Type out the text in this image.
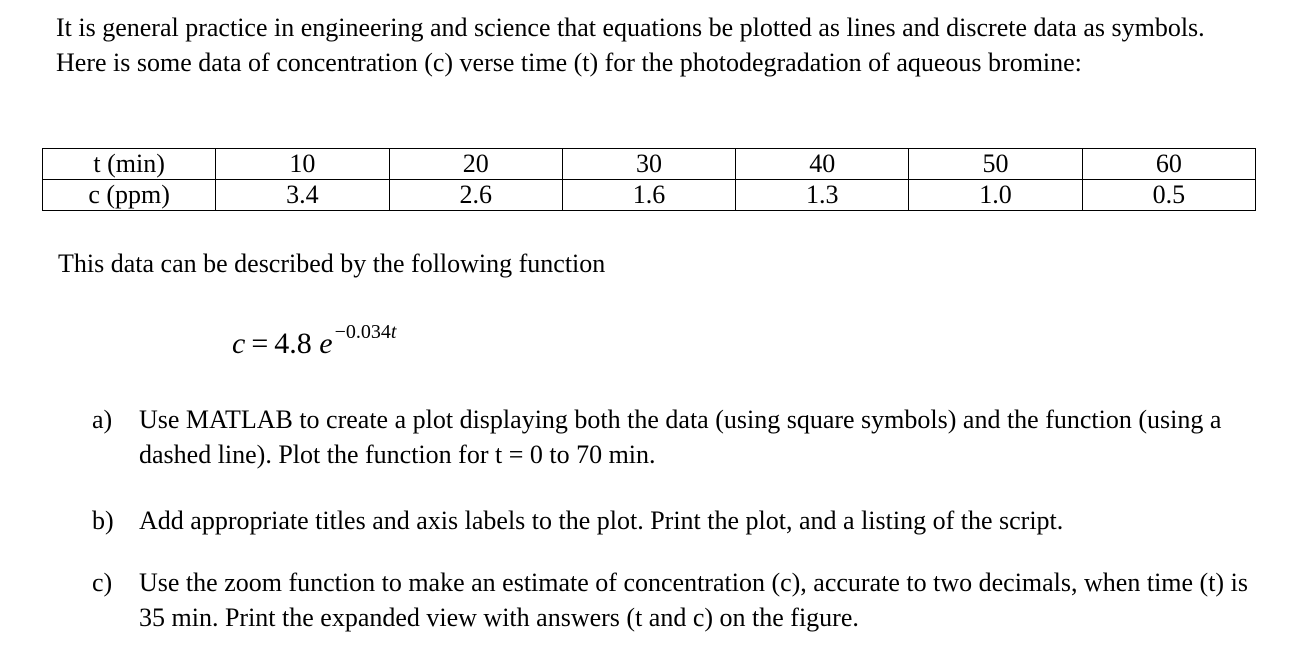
It is general practice in engineering and science that equations be plotted as lines and discrete data as symbols. Here is some data of concentration (c) verse time (t) for the photodegradation of aqueous bromine:

t (min)	10	20	30	40	50	60
c (ppm)	3.4	2.6	1.6	1.3	1.0	0.5

This data can be described by the following function

c = 4.8 e $^{-0.034t}$
a) Use MATLAB to create a plot displaying both the data (using square symbols) and the function (using a dashed line). Plot the function for t = 0 to 70 min.
b) Add appropriate titles and axis labels to the plot. Print the plot, and a listing of the script.
c) Use the zoom function to make an estimate of concentration (c), accurate to two decimals, when time (t) is 35 min. Print the expanded view with answers (t and c) on the figure.
